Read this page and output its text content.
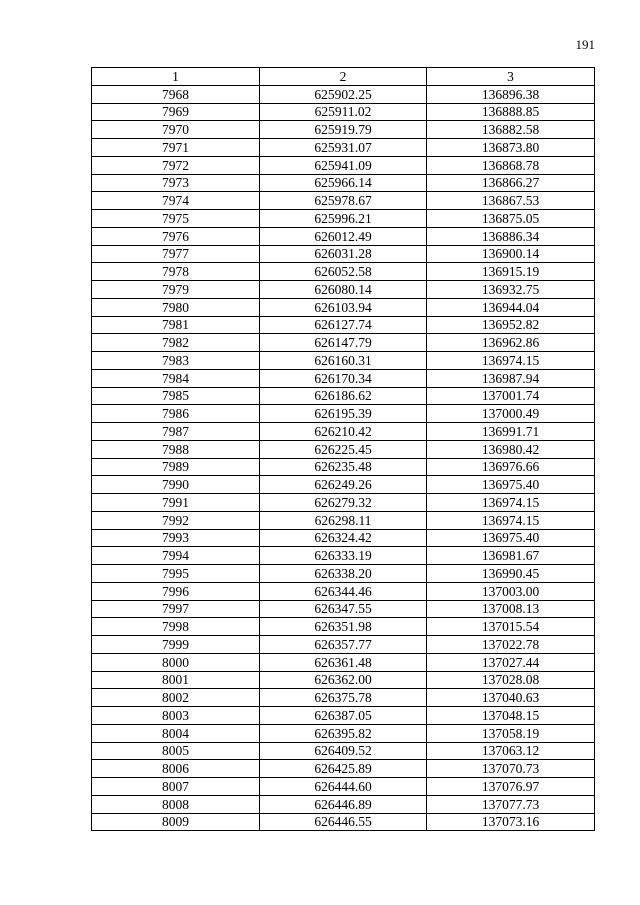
191
1	2	3
7968	625902.25	136896.38
7969	625911.02	136888.85
7970	625919.79	136882.58
7971	625931.07	136873.80
7972	625941.09	136868.78
7973	625966.14	136866.27
7974	625978.67	136867.53
7975	625996.21	136875.05
7976	626012.49	136886.34
7977	626031.28	136900.14
7978	626052.58	136915.19
7979	626080.14	136932.75
7980	626103.94	136944.04
7981	626127.74	136952.82
7982	626147.79	136962.86
7983	626160.31	136974.15
7984	626170.34	136987.94
7985	626186.62	137001.74
7986	626195.39	137000.49
7987	626210.42	136991.71
7988	626225.45	136980.42
7989	626235.48	136976.66
7990	626249.26	136975.40
7991	626279.32	136974.15
7992	626298.11	136974.15
7993	626324.42	136975.40
7994	626333.19	136981.67
7995	626338.20	136990.45
7996	626344.46	137003.00
7997	626347.55	137008.13
7998	626351.98	137015.54
7999	626357.77	137022.78
8000	626361.48	137027.44
8001	626362.00	137028.08
8002	626375.78	137040.63
8003	626387.05	137048.15
8004	626395.82	137058.19
8005	626409.52	137063.12
8006	626425.89	137070.73
8007	626444.60	137076.97
8008	626446.89	137077.73
8009	626446.55	137073.16
